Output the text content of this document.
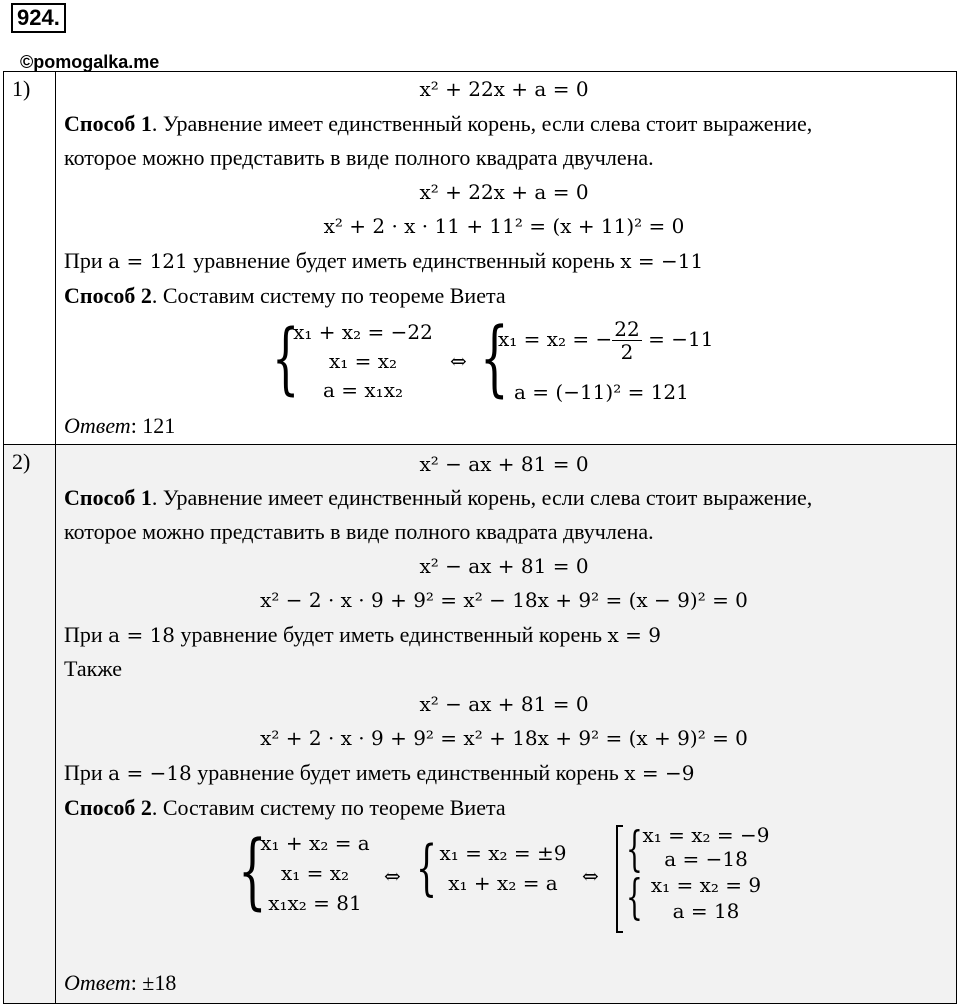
924.
©pomogalka.me
1)	x² + 22x + a = 0
Способ 1. Уравнение имеет единственный корень, если слева стоит выражение,
которое можно представить в виде полного квадрата двучлена.
x² + 22x + a = 0
x² + 2 · x · 11 + 11² = (x + 11)² = 0
При a = 121 уравнение будет иметь единственный корень x = −11
Способ 2. Составим систему по теореме Виета
{
x₁ + x₂ = −22
x₁ = x₂
a = x₁x₂
⇔ {
x₁ = x₂ = − $\frac{22}{2} = -11$
a = (−11)² = 121
Ответ: 121
2)	x² − ax + 81 = 0
Способ 1. Уравнение имеет единственный корень, если слева стоит выражение,
которое можно представить в виде полного квадрата двучлена.
x² − ax + 81 = 0
x² − 2 · x · 9 + 9² = x² − 18x + 9² = (x − 9)² = 0
При a = 18 уравнение будет иметь единственный корень x = 9
Также
x² − ax + 81 = 0
x² + 2 · x · 9 + 9² = x² + 18x + 9² = (x + 9)² = 0
При a = −18 уравнение будет иметь единственный корень x = −9
Способ 2. Составим систему по теореме Виета
{
x₁ + x₂ = a
x₁ = x₂
x₁x₂ = 81
⇔ { x₁ = x₂ = ±9
x₁ + x₂ = a	⇔ { x₁ = x₂ = −9
a = −18
{ x₁ = x₂ = 9
a = 18
Ответ: ±18
